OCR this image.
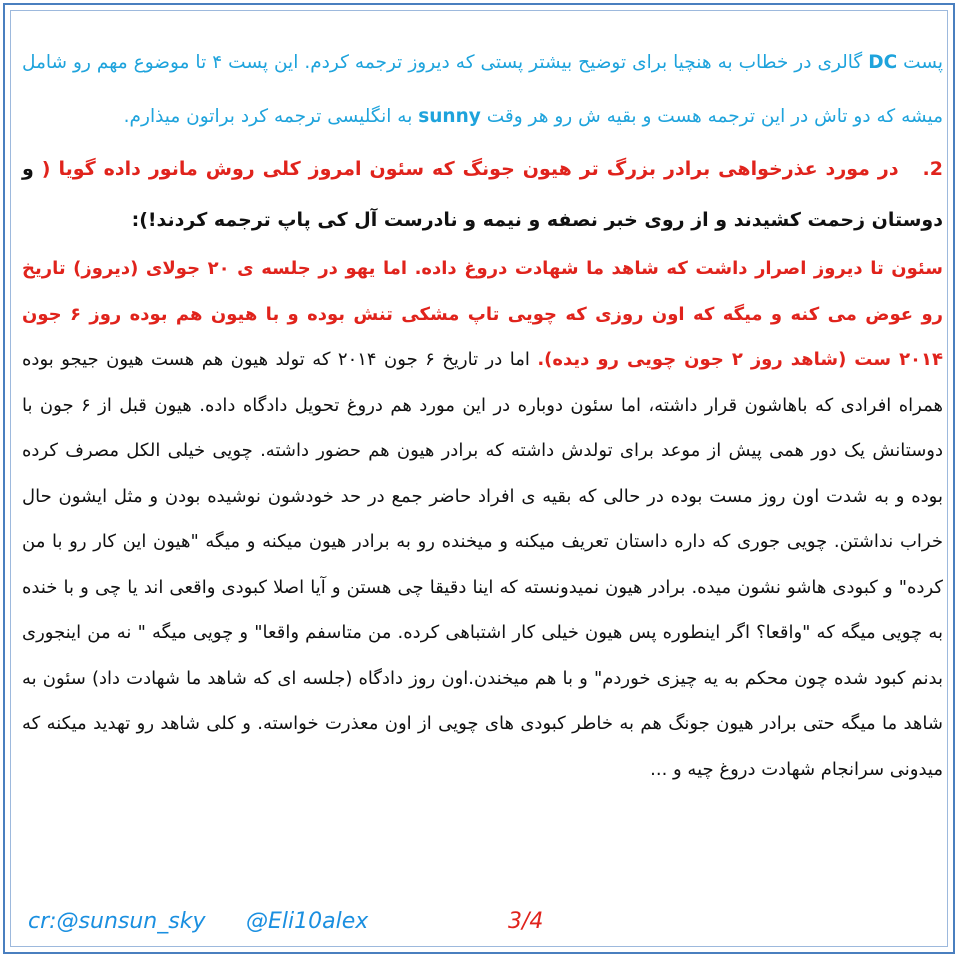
پست DC گالری در خطاب به هنچیا برای توضیح بیشتر پستی که دیروز ترجمه کردم. این پست ۴ تا موضوع مهم رو شامل میشه که دو تاش در این ترجمه هست و بقیه ش رو هر وقت sunny به انگلیسی ترجمه کرد براتون میذارم.

2.   در مورد عذرخواهی برادر بزرگ تر هیون جونگ که سئون امروز کلی روش مانور داده گویا ( و دوستان زحمت کشیدند و از روی خبر نصفه و نیمه و نادرست آل کی پاپ ترجمه کردند!):

سئون تا دیروز اصرار داشت که شاهد ما شهادت دروغ داده. اما یهو در جلسه ی ۲۰ جولای (دیروز) تاریخ رو عوض می کنه و میگه که اون روزی که چویی تاپ مشکی تنش بوده و با هیون هم بوده روز ۶ جون ۲۰۱۴ ست (شاهد روز ۲ جون چویی رو دیده). اما در تاریخ ۶ جون ۲۰۱۴ که تولد هیون هم هست هیون جیجو بوده همراه افرادی که باهاشون قرار داشته، اما سئون دوباره در این مورد هم دروغ تحویل دادگاه داده. هیون قبل از ۶ جون با دوستانش یک دور همی پیش از موعد برای تولدش داشته که برادر هیون هم حضور داشته. چویی خیلی الکل مصرف کرده بوده و به شدت اون روز مست بوده در حالی که بقیه ی افراد حاضر جمع در حد خودشون نوشیده بودن و مثل ایشون حال خراب نداشتن. چویی جوری که داره داستان تعریف میکنه و میخنده رو به برادر هیون میکنه و میگه "هیون این کار رو با من کرده" و کبودی هاشو نشون میده. برادر هیون نمیدونسته که اینا دقیقا چی هستن و آیا اصلا کبودی واقعی اند یا چی و با خنده به چویی میگه که "واقعا؟ اگر اینطوره پس هیون خیلی کار اشتباهی کرده. من متاسفم واقعا" و چویی میگه " نه من اینجوری بدنم کبود شده چون محکم به یه چیزی خوردم" و با هم میخندن.اون روز دادگاه (جلسه ای که شاهد ما شهادت داد) سئون به شاهد ما میگه حتی برادر هیون جونگ هم به خاطر کبودی های چویی از اون معذرت خواسته. و کلی شاهد رو تهدید میکنه که میدونی سرانجام شهادت دروغ چیه و ...

cr:@sunsun_sky @Eli10alex	3/4
